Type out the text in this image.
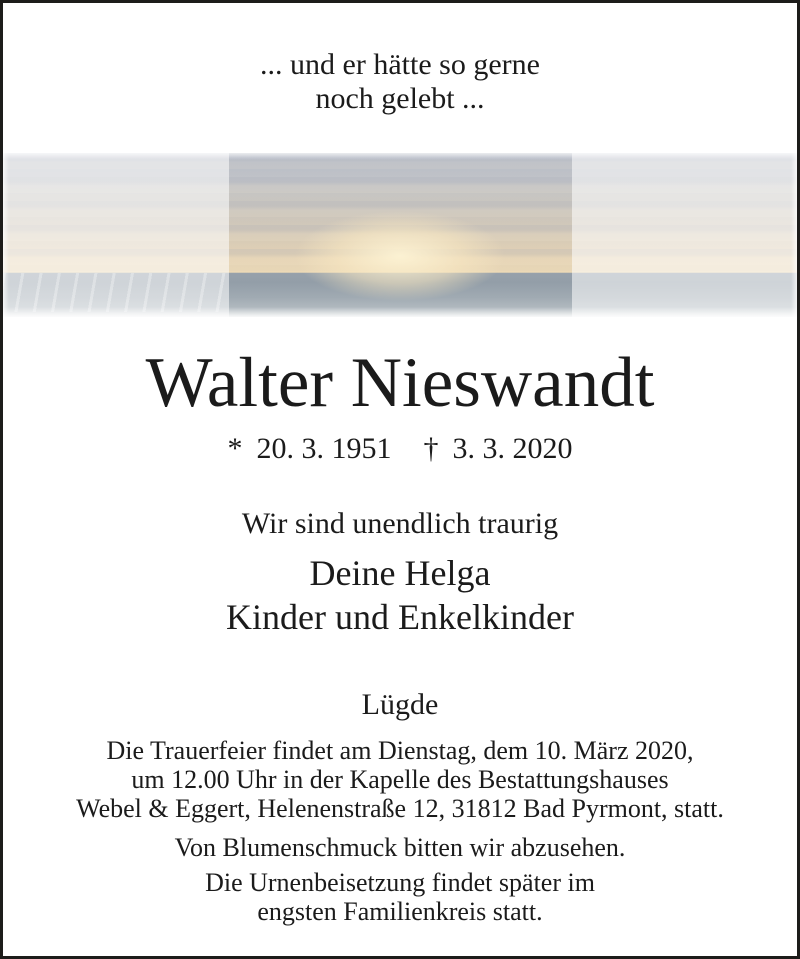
... und er hätte so gerne
noch gelebt ...
Walter Nieswandt
* 20. 3. 1951 † 3. 3. 2020
Wir sind unendlich traurig
Deine Helga
Kinder und Enkelkinder
Lügde
Die Trauerfeier findet am Dienstag, dem 10. März 2020,
um 12.00 Uhr in der Kapelle des Bestattungshauses
Webel & Eggert, Helenenstraße 12, 31812 Bad Pyrmont, statt.
Von Blumenschmuck bitten wir abzusehen.
Die Urnenbeisetzung findet später im
engsten Familienkreis statt.
